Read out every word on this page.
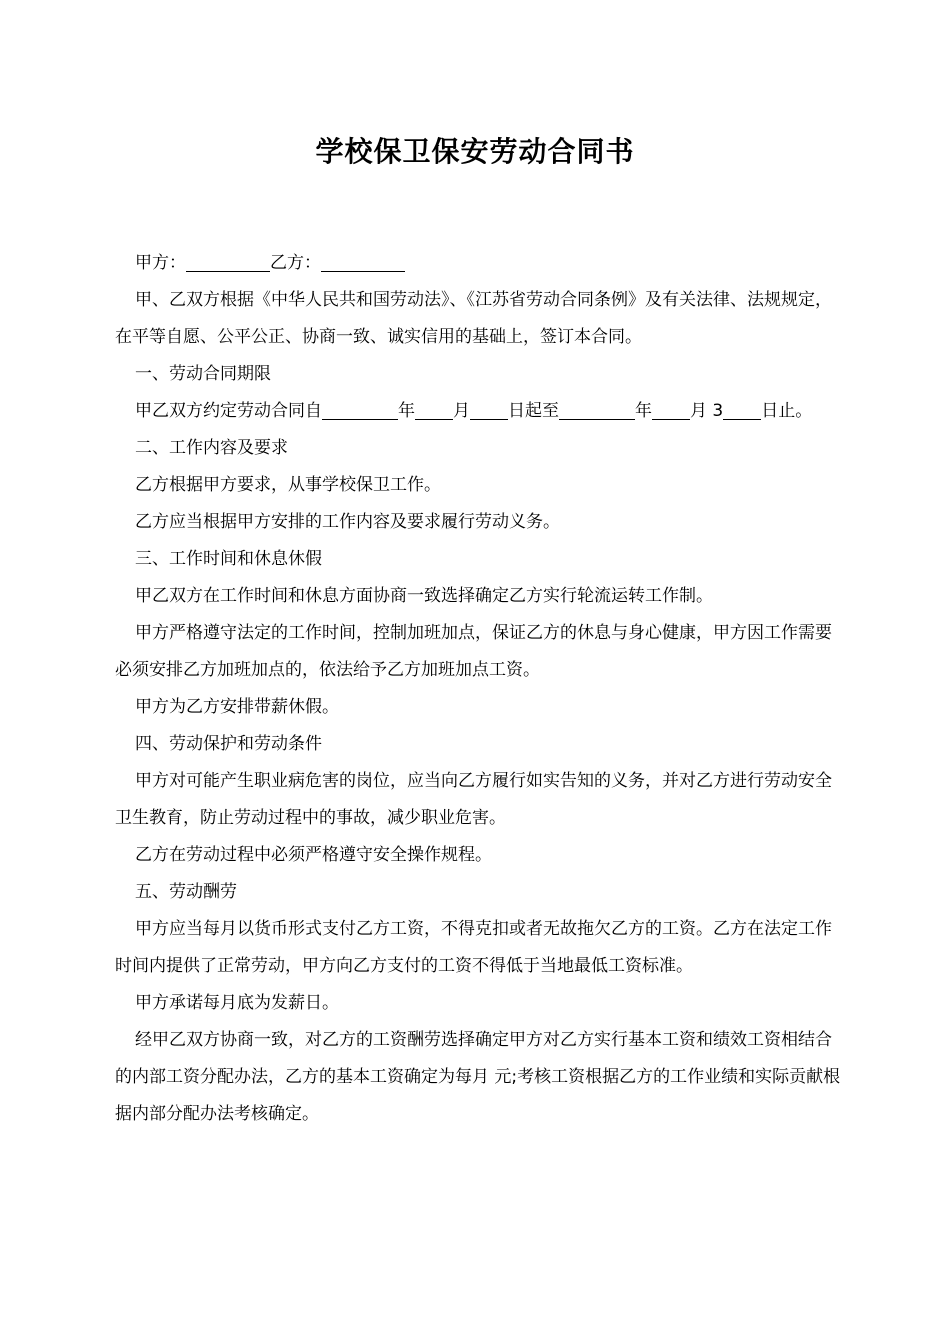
学校保卫保安劳动合同书

甲方：	乙方：

甲、乙双方根据《中华人民共和国劳动法》、《江苏省劳动合同条例》及有关法律、法规规定，在平等自愿、公平公正、协商一致、诚实信用的基础上，签订本合同。

一、劳动合同期限

甲乙双方约定劳动合同自	年 月 日起至	年 月 3 日止。

二、工作内容及要求

乙方根据甲方要求，从事学校保卫工作。

乙方应当根据甲方安排的工作内容及要求履行劳动义务。

三、工作时间和休息休假

甲乙双方在工作时间和休息方面协商一致选择确定乙方实行轮流运转工作制。

甲方严格遵守法定的工作时间，控制加班加点，保证乙方的休息与身心健康，甲方因工作需要必须安排乙方加班加点的，依法给予乙方加班加点工资。

甲方为乙方安排带薪休假。

四、劳动保护和劳动条件

甲方对可能产生职业病危害的岗位，应当向乙方履行如实告知的义务，并对乙方进行劳动安全卫生教育，防止劳动过程中的事故，减少职业危害。

乙方在劳动过程中必须严格遵守安全操作规程。

五、劳动酬劳

甲方应当每月以货币形式支付乙方工资，不得克扣或者无故拖欠乙方的工资。乙方在法定工作时间内提供了正常劳动，甲方向乙方支付的工资不得低于当地最低工资标准。

甲方承诺每月底为发薪日。

经甲乙双方协商一致，对乙方的工资酬劳选择确定甲方对乙方实行基本工资和绩效工资相结合的内部工资分配办法，乙方的基本工资确定为每月 元;考核工资根据乙方的工作业绩和实际贡献根据内部分配办法考核确定。
